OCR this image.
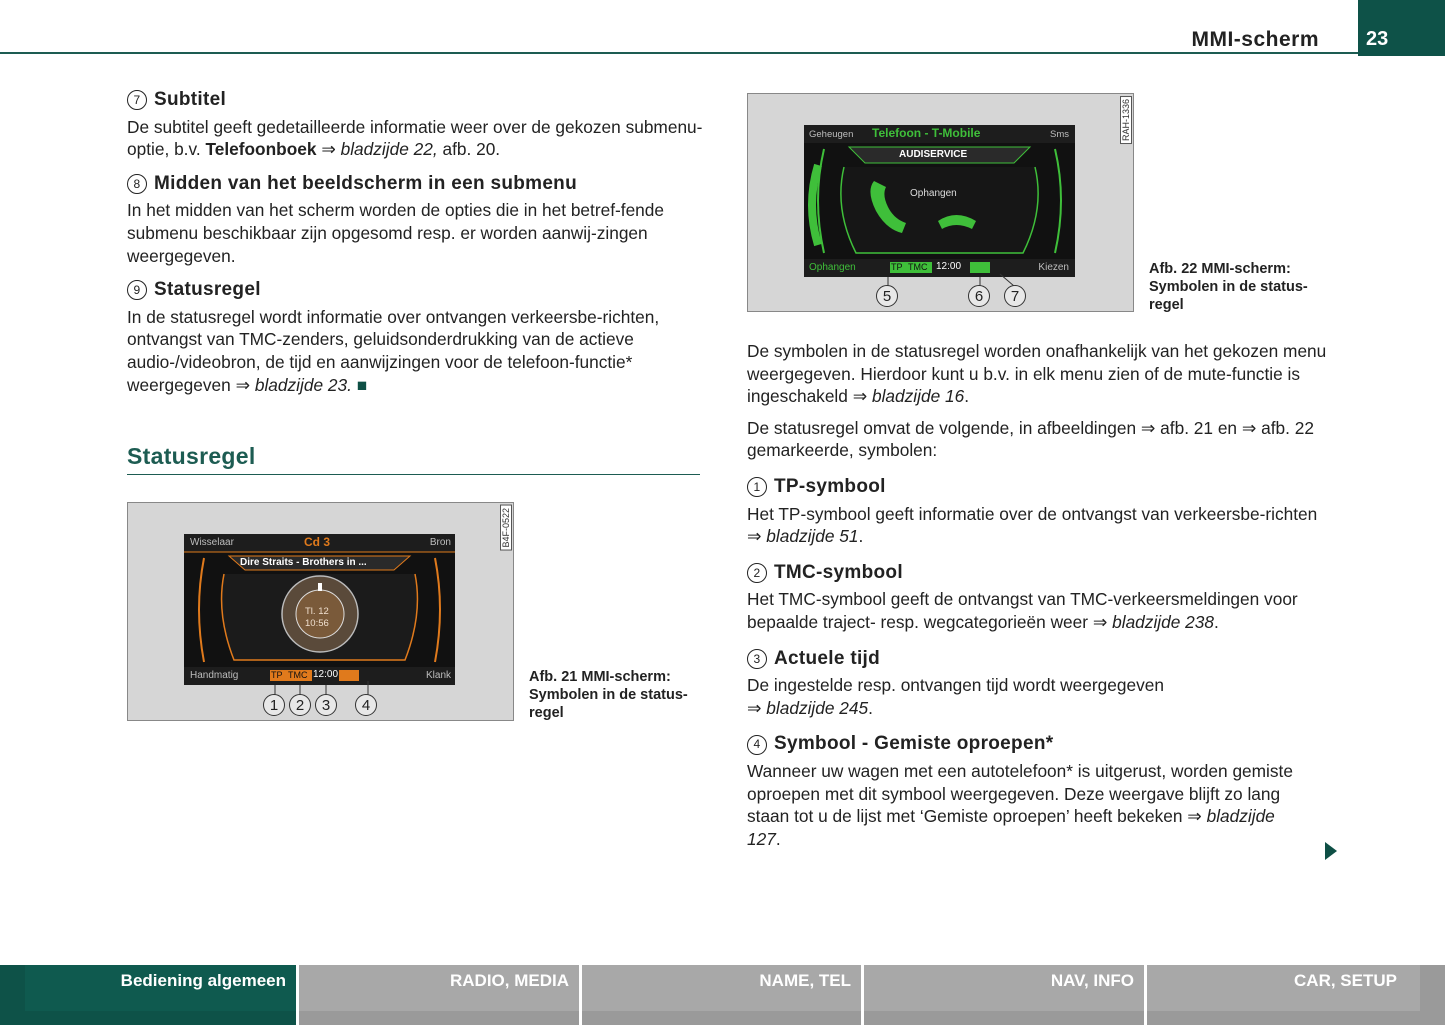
MMI-scherm 23
7 Subtitel
De subtitel geeft gedetailleerde informatie weer over de gekozen submenu-optie, b.v. Telefoonboek ⇒ bladzijde 22, afb. 20.
8 Midden van het beeldscherm in een submenu
In het midden van het scherm worden de opties die in het betref-fende submenu beschikbaar zijn opgesomd resp. er worden aanwij-zingen weergegeven.
9 Statusregel
In de statusregel wordt informatie over ontvangen verkeersbe-richten, ontvangst van TMC-zenders, geluidsonderdrukking van de actieve audio-/videobron, de tijd en aanwijzingen voor de telefoon-functie* weergegeven ⇒ bladzijde 23. ■
Statusregel
B4F-0522
Wisselaar	Cd 3	Bron
Dire Straits - Brothers in ...
Tl. 12
10:56
Handmatig	TP TMC 12:00	Klank
1	2	3	4
Afb. 21 MMI-scherm: Symbolen in de status-regel
RAH-1336
Geheugen Telefoon - T-Mobile	Sms
AUDISERVICE
Ophangen
Ophangen	TP TMC 12:00	Kiezen
5	6	7
Afb. 22 MMI-scherm: Symbolen in de status-regel
De symbolen in de statusregel worden onafhankelijk van het gekozen menu weergegeven. Hierdoor kunt u b.v. in elk menu zien of de mute-functie is ingeschakeld ⇒ bladzijde 16.
De statusregel omvat de volgende, in afbeeldingen ⇒ afb. 21 en ⇒ afb. 22 gemarkeerde, symbolen:
1 TP-symbool
Het TP-symbool geeft informatie over de ontvangst van verkeersbe-richten ⇒ bladzijde 51.
2 TMC-symbool
Het TMC-symbool geeft de ontvangst van TMC-verkeersmeldingen voor bepaalde traject- resp. wegcategorieën weer ⇒ bladzijde 238.
3 Actuele tijd
De ingestelde resp. ontvangen tijd wordt weergegeven
⇒ bladzijde 245.
4 Symbool - Gemiste oproepen*
Wanneer uw wagen met een autotelefoon* is uitgerust, worden gemiste oproepen met dit symbool weergegeven. Deze weergave blijft zo lang staan tot u de lijst met ‘Gemiste oproepen’ heeft bekeken ⇒ bladzijde 127.
Bediening algemeen	RADIO, MEDIA	NAME, TEL	NAV, INFO	CAR, SETUP
